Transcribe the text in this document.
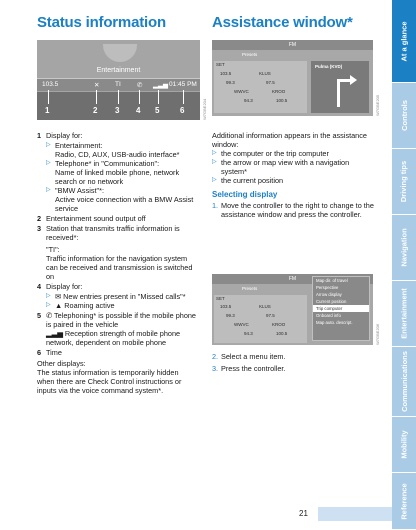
Status information	Assistance window*
Entertainment
103.5	✕ TI ✆ ▂▃▅ 01:45 PM
1	2 3 4 5	6	W7GBE204
FM
Presets
SET
103.5	KLUS
99.3	97.5
WWVC	KROO
94.3	100.5
Pulma (KVD)
W7GBE205
1 Display for:
▷ Entertainment:
Radio, CD, AUX, USB-audio interface*
▷ Telephone* in "Communication":
Name of linked mobile phone, network search or no network
▷ "BMW Assist"*:
Active voice connection with a BMW Assist service
2 Entertainment sound output off
3 Station that transmits traffic information is received*:
"TI":
Traffic information for the navigation system can be received and transmission is switched on
4 Display for:
▷ ✉ New entries present in "Missed calls"*
▷ ▲ Roaming active
5 ✆ Telephoning* is possible if the mobile phone is paired in the vehicle
▂▃▅ Reception strength of mobile phone network, dependent on mobile phone
6 Time

Other displays:

The status information is temporarily hidden when there are Check Control instructions or inputs via the voice command system*.

Additional information appears in the assistance window:

▷ the computer or the trip computer
▷ the arrow or map view with a navigation system*
▷ the current position
Selecting display
1. Move the controller to the right to change to the assistance window and press the controller.
FM
Presets
SET
103.5	KLUS
99.3	97.5
WWVC	KROO
94.3	100.5
Map dir. of travel
Perspective
Arrow display
Current position
Trip computer
Onboard info
Map auto. descript.
W7GBE206
2. Select a menu item.
3. Press the controller.
At a glance
Controls
Driving tips
Navigation
Entertainment
Communications
Mobility
Reference
21
